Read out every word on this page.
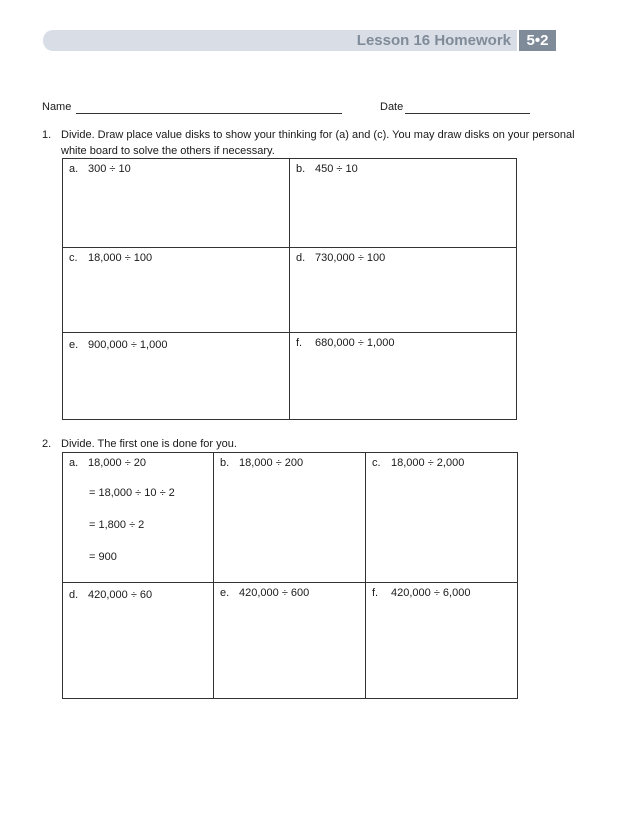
Lesson 16 Homework	5•2
Name	Date
1. Divide. Draw place value disks to show your thinking for (a) and (c). You may draw disks on your personal
white board to solve the others if necessary.
a. 300 ÷ 10	b. 450 ÷ 10

c. 18,000 ÷ 100	d. 730,000 ÷ 100

e. 900,000 ÷ 1,000	f. 680,000 ÷ 1,000
2. Divide. The first one is done for you.
a. 18,000 ÷ 20
= 18,000 ÷ 10 ÷ 2
= 1,800 ÷ 2
= 900	b. 18,000 ÷ 200	c. 18,000 ÷ 2,000

d. 420,000 ÷ 60	e. 420,000 ÷ 600	f. 420,000 ÷ 6,000
